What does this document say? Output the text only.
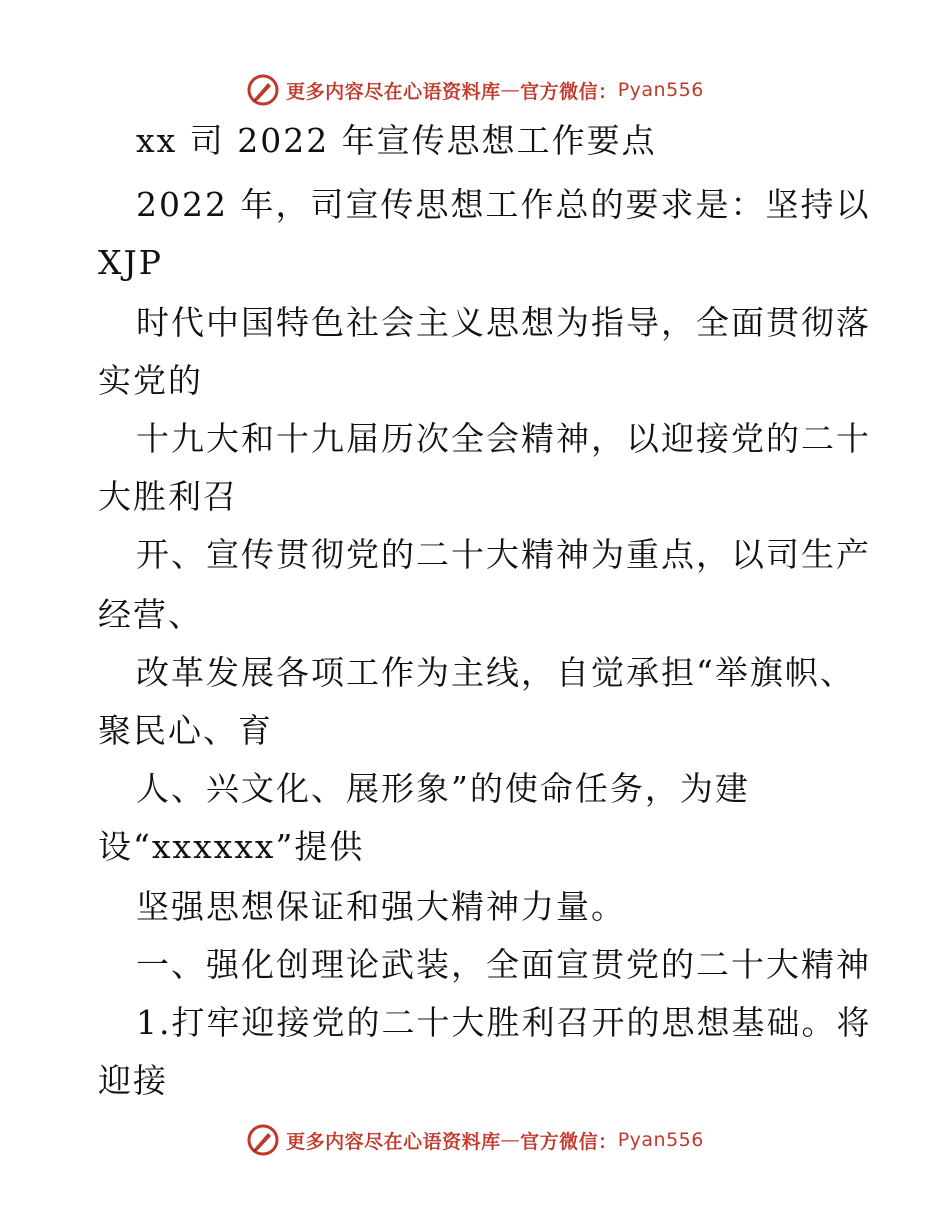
更多内容尽在心语资料库 — 官方微信： Pyan556
xx 司 2022 年宣传思想工作要点
2022 年，司宣传思想工作总的要求是：坚持以
XJP
时代中国特色社会主义思想为指导，全面贯彻落
实党的
十九大和十九届历次全会精神，以迎接党的二十
大胜利召
开、宣传贯彻党的二十大精神为重点，以司生产
经营、
改革发展各项工作为主线，自觉承担“举旗帜、
聚民心、育
人、兴文化、展形象”的使命任务，为建
设“xxxxxx”提供
坚强思想保证和强大精神力量。
一、强化创理论武装，全面宣贯党的二十大精神
1.打牢迎接党的二十大胜利召开的思想基础。将
迎接
更多内容尽在心语资料库 — 官方微信： Pyan556
